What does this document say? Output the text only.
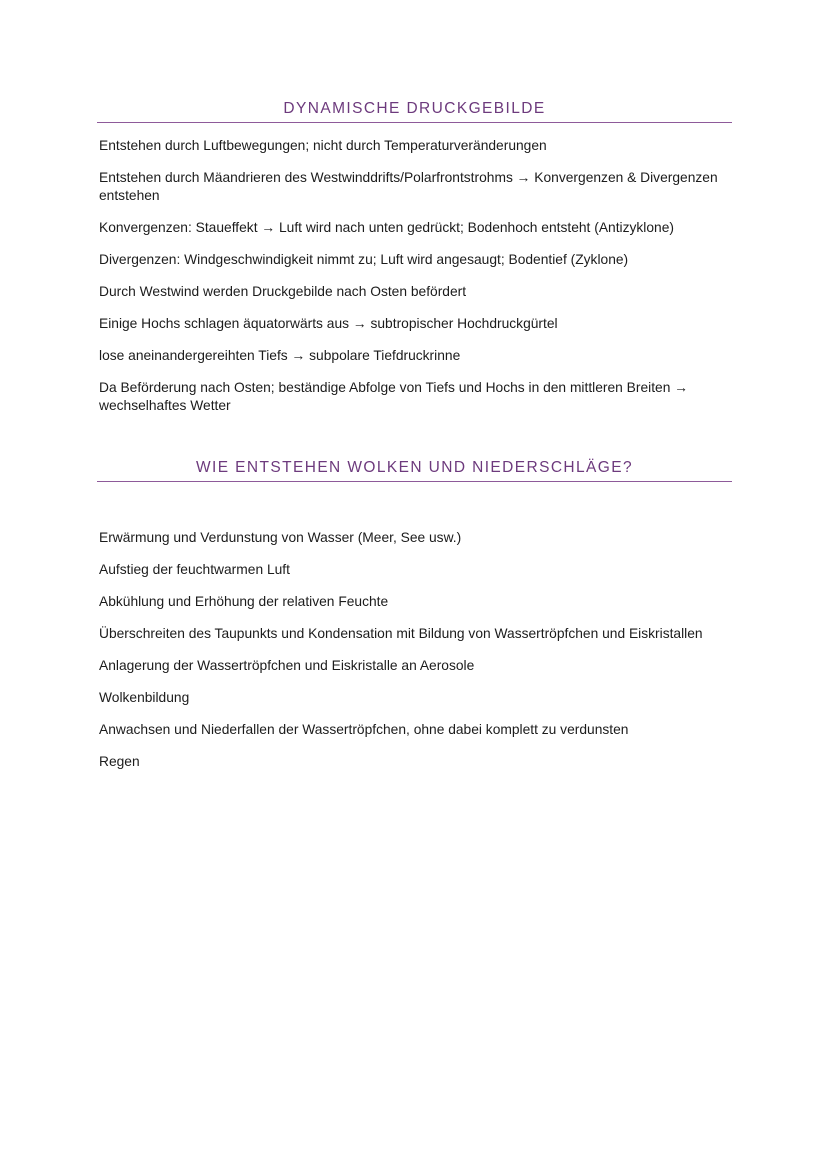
DYNAMISCHE DRUCKGEBILDE

Entstehen durch Luftbewegungen; nicht durch Temperaturveränderungen

Entstehen durch Mäandrieren des Westwinddrifts/Polarfrontstrohms → Konvergenzen & Divergenzen entstehen

Konvergenzen: Staueffekt → Luft wird nach unten gedrückt; Bodenhoch entsteht (Antizyklone)

Divergenzen: Windgeschwindigkeit nimmt zu; Luft wird angesaugt; Bodentief (Zyklone)

Durch Westwind werden Druckgebilde nach Osten befördert

Einige Hochs schlagen äquatorwärts aus → subtropischer Hochdruckgürtel

lose aneinandergereihten Tiefs → subpolare Tiefdruckrinne

Da Beförderung nach Osten; beständige Abfolge von Tiefs und Hochs in den mittleren Breiten → wechselhaftes Wetter

WIE ENTSTEHEN WOLKEN UND NIEDERSCHLÄGE?

Erwärmung und Verdunstung von Wasser (Meer, See usw.)

Aufstieg der feuchtwarmen Luft

Abkühlung und Erhöhung der relativen Feuchte

Überschreiten des Taupunkts und Kondensation mit Bildung von Wassertröpfchen und Eiskristallen

Anlagerung der Wassertröpfchen und Eiskristalle an Aerosole

Wolkenbildung

Anwachsen und Niederfallen der Wassertröpfchen, ohne dabei komplett zu verdunsten

Regen
